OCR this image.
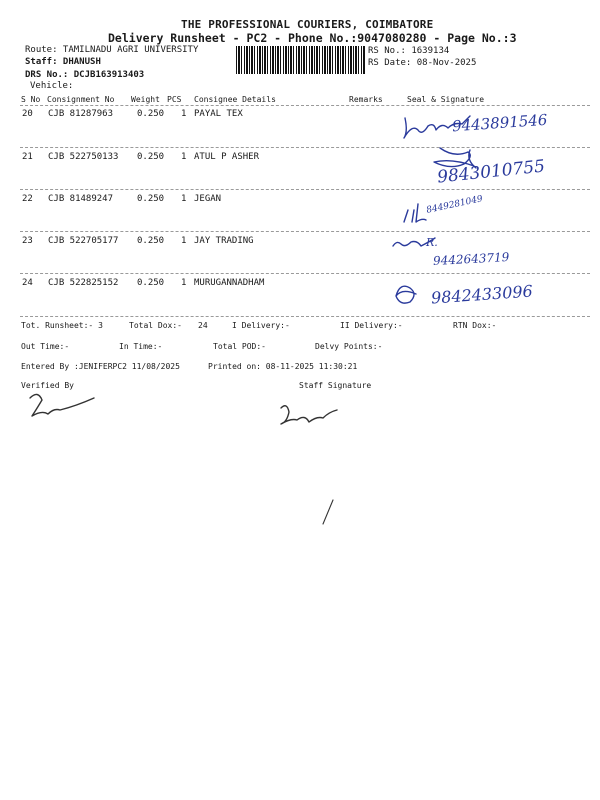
THE PROFESSIONAL COURIERS, COIMBATORE
Delivery Runsheet - PC2 - Phone No.:9047080280 - Page No.:3
Route: TAMILNADU AGRI UNIVERSITY
Staff: DHANUSH
DRS No.: DCJB163913403
Vehicle:
RS No.: 1639134
RS Date: 08-Nov-2025
S No Consignment No Weight PCS Consignee Details	Remarks	Seal & Signature
20 CJB 81287963	0.250 1 PAYAL TEX
21 CJB 522750133 0.250 1 ATUL P ASHER
22 CJB 81489247	0.250 1 JEGAN
23 CJB 522705177 0.250 1 JAY TRADING
24 CJB 522825152 0.250 1 MURUGANNADHAM
Tot. Runsheet:- 3	Total Dox:- 24	I Delivery:-	II Delivery:-	RTN Dox:-
Out Time:-	In Time:-	Total POD:-	Delvy Points:-
Entered By :JENIFERPC2 11/08/2025	Printed on: 08-11-2025 11:30:21
Verified By	Staff Signature
9443891546
9843010755
8449281049
R.
9442643719
9842433096
